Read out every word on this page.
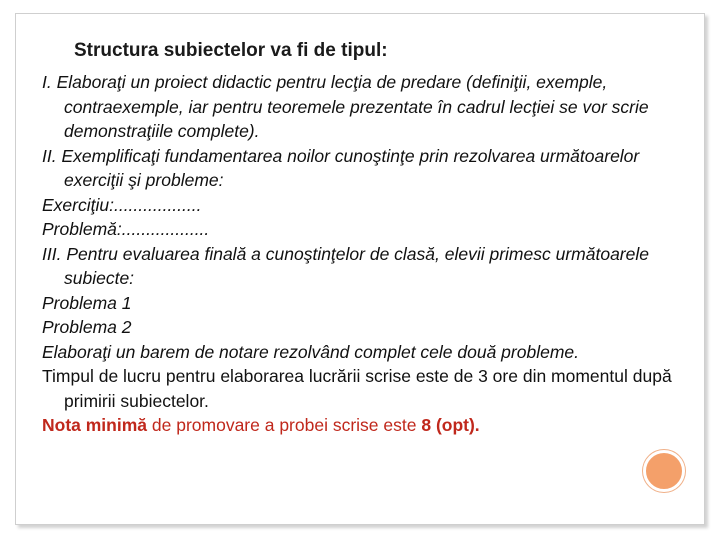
Structura subiectelor va fi de tipul:

I. Elaboraţi un proiect didactic pentru lecţia de predare (definiţii, exemple, contraexemple, iar pentru teoremele prezentate în cadrul lecţiei se vor scrie demonstraţiile complete).

II. Exemplificaţi fundamentarea noilor cunoştinţe prin rezolvarea următoarelor exerciţii şi probleme:

Exerciţiu:..................

Problemă:..................

III. Pentru evaluarea finală a cunoştinţelor de clasă, elevii primesc următoarele subiecte:

Problema 1

Problema 2

Elaboraţi un barem de notare rezolvând complet cele două probleme.

Timpul de lucru pentru elaborarea lucrării scrise este de 3 ore din momentul după primirii subiectelor.

Nota minimă de promovare a probei scrise este 8 (opt).
